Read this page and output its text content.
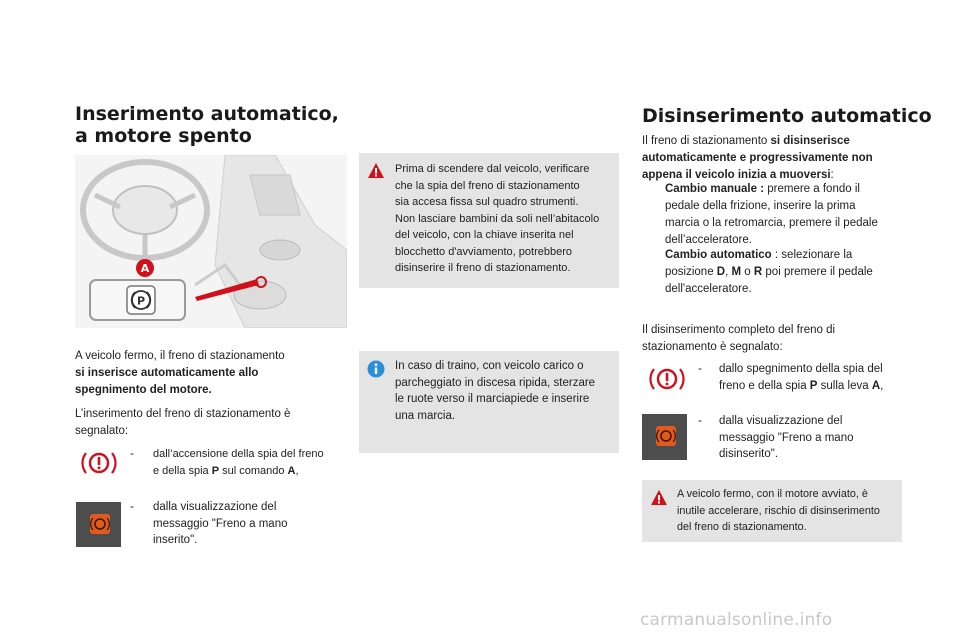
Inserimento automatico,
a motore spento
P
A
A veicolo fermo, il freno di stazionamento
si inserisce automaticamente allo
spegnimento del motore.
L’inserimento del freno di stazionamento è
segnalato:
- dall’accensione della spia del freno
e della spia P sul comando A,
- dalla visualizzazione del
messaggio "Freno a mano
inserito".
Prima di scendere dal veicolo, verificare
che la spia del freno di stazionamento
sia accesa fissa sul quadro strumenti.
Non lasciare bambini da soli nell’abitacolo
del veicolo, con la chiave inserita nel
blocchetto d'avviamento, potrebbero
disinserire il freno di stazionamento.
In caso di traino, con veicolo carico o
parcheggiato in discesa ripida, sterzare
le ruote verso il marciapiede e inserire
una marcia.
Disinserimento automatico
Il freno di stazionamento si disinserisce
automaticamente e progressivamente non
appena il veicolo inizia a muoversi:
Cambio manuale : premere a fondo il
pedale della frizione, inserire la prima
marcia o la retromarcia, premere il pedale
dell’acceleratore.
Cambio automatico : selezionare la
posizione D, M o R poi premere il pedale
dell'acceleratore.
Il disinserimento completo del freno di
stazionamento è segnalato:
- dallo spegnimento della spia del
freno e della spia P sulla leva A,
- dalla visualizzazione del
messaggio "Freno a mano
disinserito".
A veicolo fermo, con il motore avviato, è
inutile accelerare, rischio di disinserimento
del freno di stazionamento.
carmanualsonline.info
